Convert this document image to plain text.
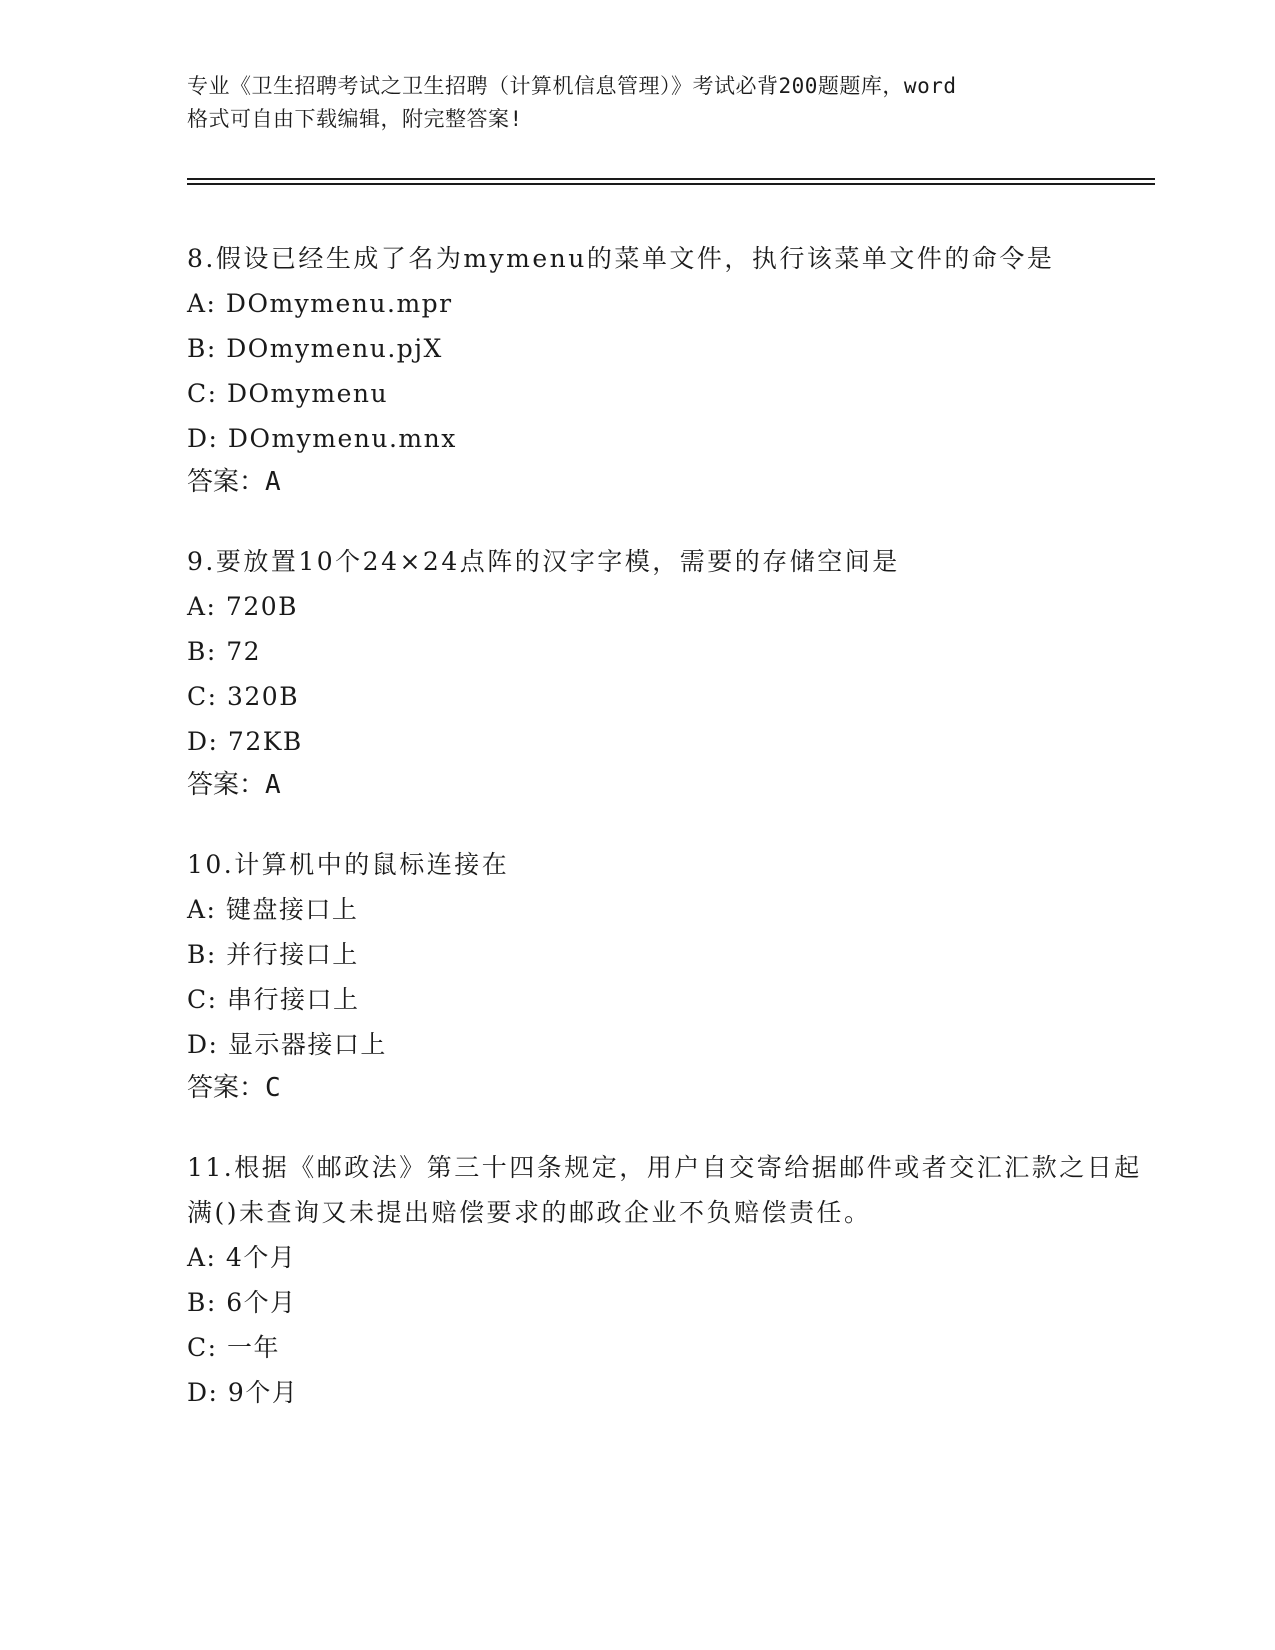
专业《卫生招聘考试之卫生招聘（计算机信息管理）》考试必背200题题库，word
格式可自由下载编辑，附完整答案!

8.假设已经生成了名为mymenu的菜单文件，执行该菜单文件的命令是

A: DOmymenu.mpr

B: DOmymenu.pjX

C: DOmymenu

D: DOmymenu.mnx

答案：A

9.要放置10个24×24点阵的汉字字模，需要的存储空间是

A: 720B

B: 72

C: 320B

D: 72KB

答案：A

10.计算机中的鼠标连接在

A: 键盘接口上

B: 并行接口上

C: 串行接口上

D: 显示器接口上

答案：C

11.根据《邮政法》第三十四条规定，用户自交寄给据邮件或者交汇汇款之日起满()未查询又未提出赔偿要求的邮政企业不负赔偿责任。

A: 4个月

B: 6个月

C: 一年

D: 9个月
